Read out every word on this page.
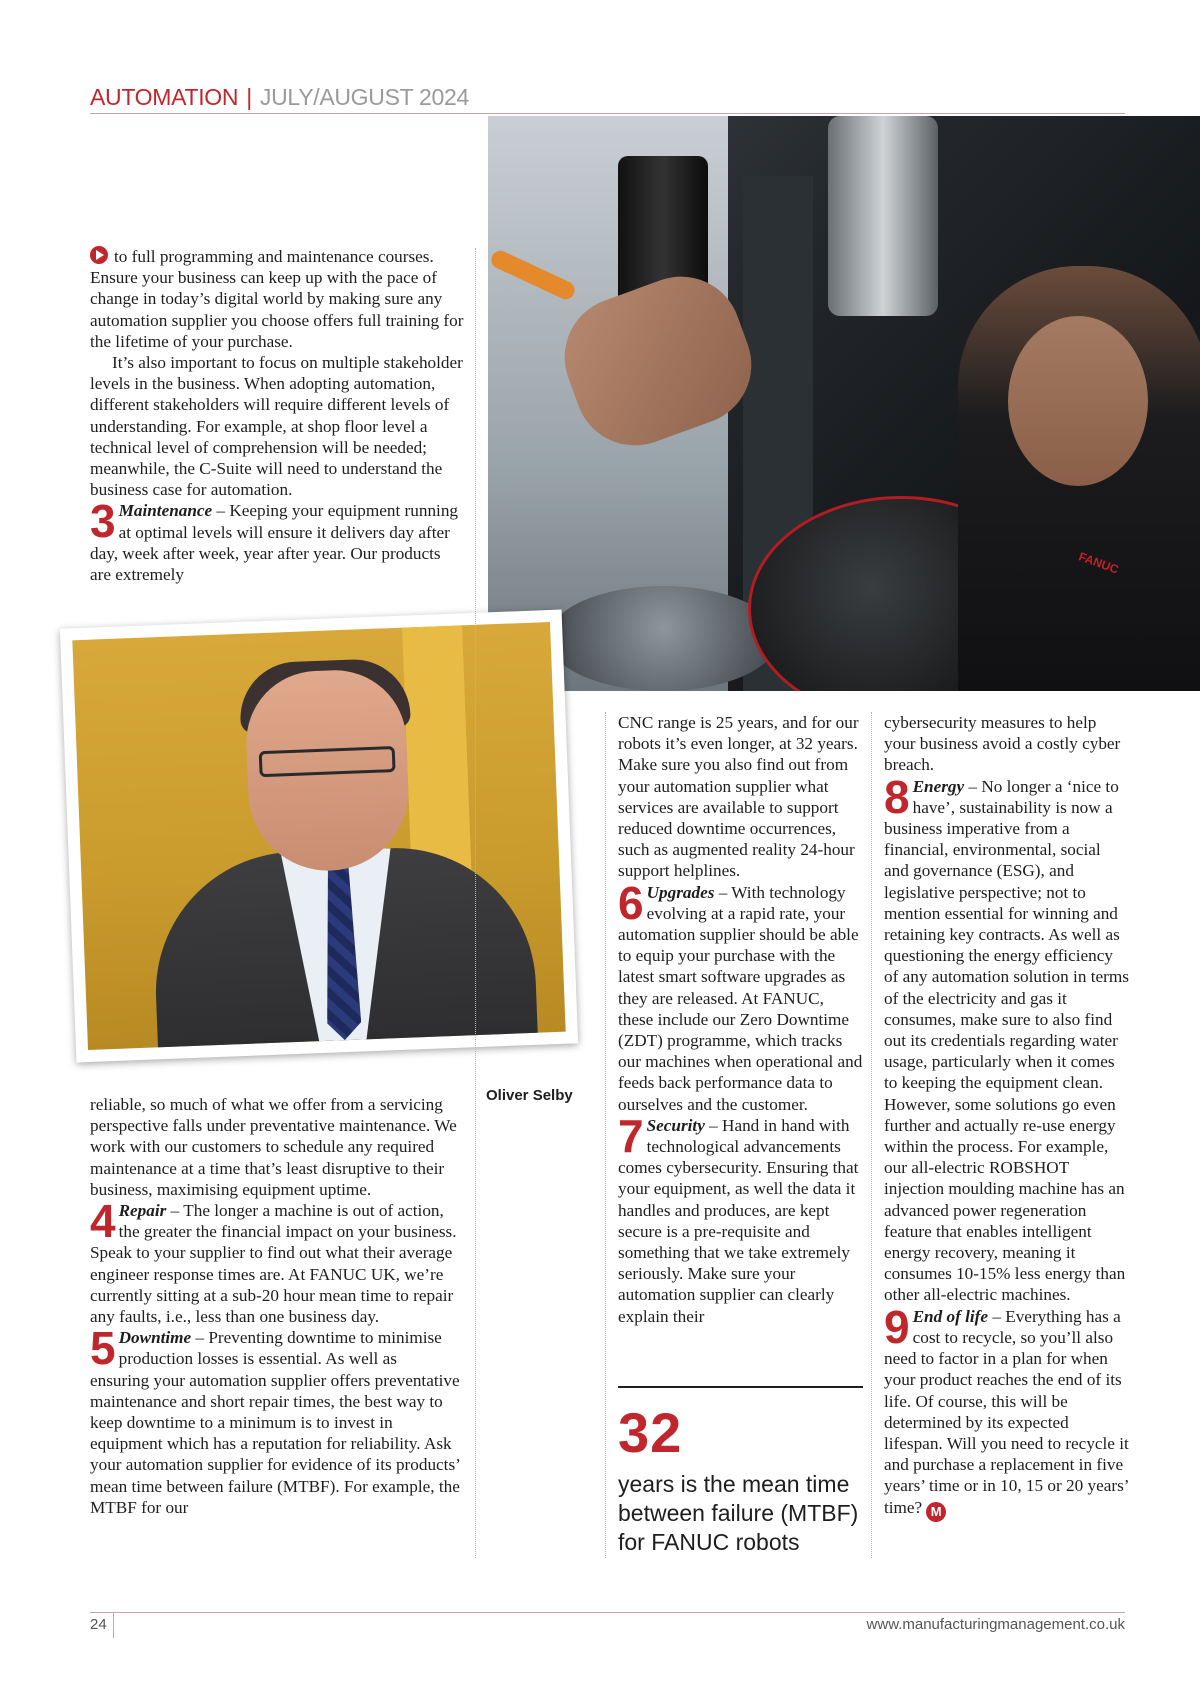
AUTOMATION | JULY/AUGUST 2024
FANUC
Oliver Selby

to full programming and maintenance courses. Ensure your business can keep up with the pace of change in today’s digital world by making sure any automation supplier you choose offers full training for the lifetime of your purchase.

It’s also important to focus on multiple stakeholder levels in the business. When adopting automation, different stakeholders will require different levels of understanding. For example, at shop floor level a technical level of comprehension will be needed; meanwhile, the C-Suite will need to understand the business case for automation.

3 Maintenance – Keeping your equipment running at optimal levels will ensure it delivers day after day, week after week, year after year. Our products are extremely

reliable, so much of what we offer from a servicing perspective falls under preventative maintenance. We work with our customers to schedule any required maintenance at a time that’s least disruptive to their business, maximising equipment uptime.

4 Repair – The longer a machine is out of action, the greater the financial impact on your business. Speak to your supplier to find out what their average engineer response times are. At FANUC UK, we’re currently sitting at a sub-20 hour mean time to repair any faults, i.e., less than one business day.

5 Downtime – Preventing downtime to minimise production losses is essential. As well as ensuring your automation supplier offers preventative maintenance and short repair times, the best way to keep downtime to a minimum is to invest in equipment which has a reputation for reliability. Ask your automation supplier for evidence of its products’ mean time between failure (MTBF). For example, the MTBF for our

CNC range is 25 years, and for our robots it’s even longer, at 32 years. Make sure you also find out from your automation supplier what services are available to support reduced downtime occurrences, such as augmented reality 24-hour support helplines.

6 Upgrades – With technology evolving at a rapid rate, your automation supplier should be able to equip your purchase with the latest smart software upgrades as they are released. At FANUC, these include our Zero Downtime (ZDT) programme, which tracks our machines when operational and feeds back performance data to ourselves and the customer.

7 Security – Hand in hand with technological advancements comes cybersecurity. Ensuring that your equipment, as well the data it handles and produces, are kept secure is a pre-requisite and something that we take extremely seriously. Make sure your automation supplier can clearly explain their

32
years is the mean time between failure (MTBF) for FANUC robots

cybersecurity measures to help your business avoid a costly cyber breach.

8 Energy – No longer a ‘nice to have’, sustainability is now a business imperative from a financial, environmental, social and governance (ESG), and legislative perspective; not to mention essential for winning and retaining key contracts. As well as questioning the energy efficiency of any automation solution in terms of the electricity and gas it consumes, make sure to also find out its credentials regarding water usage, particularly when it comes to keeping the equipment clean. However, some solutions go even further and actually re-use energy within the process. For example, our all-electric ROBSHOT injection moulding machine has an advanced power regeneration feature that enables intelligent energy recovery, meaning it consumes 10-15% less energy than other all-electric machines.

9 End of life – Everything has a cost to recycle, so you’ll also need to factor in a plan for when your product reaches the end of its life. Of course, this will be determined by its expected lifespan. Will you need to recycle it and purchase a replacement in five years’ time or in 10, 15 or 20 years’ time? M

24	www.manufacturingmanagement.co.uk
